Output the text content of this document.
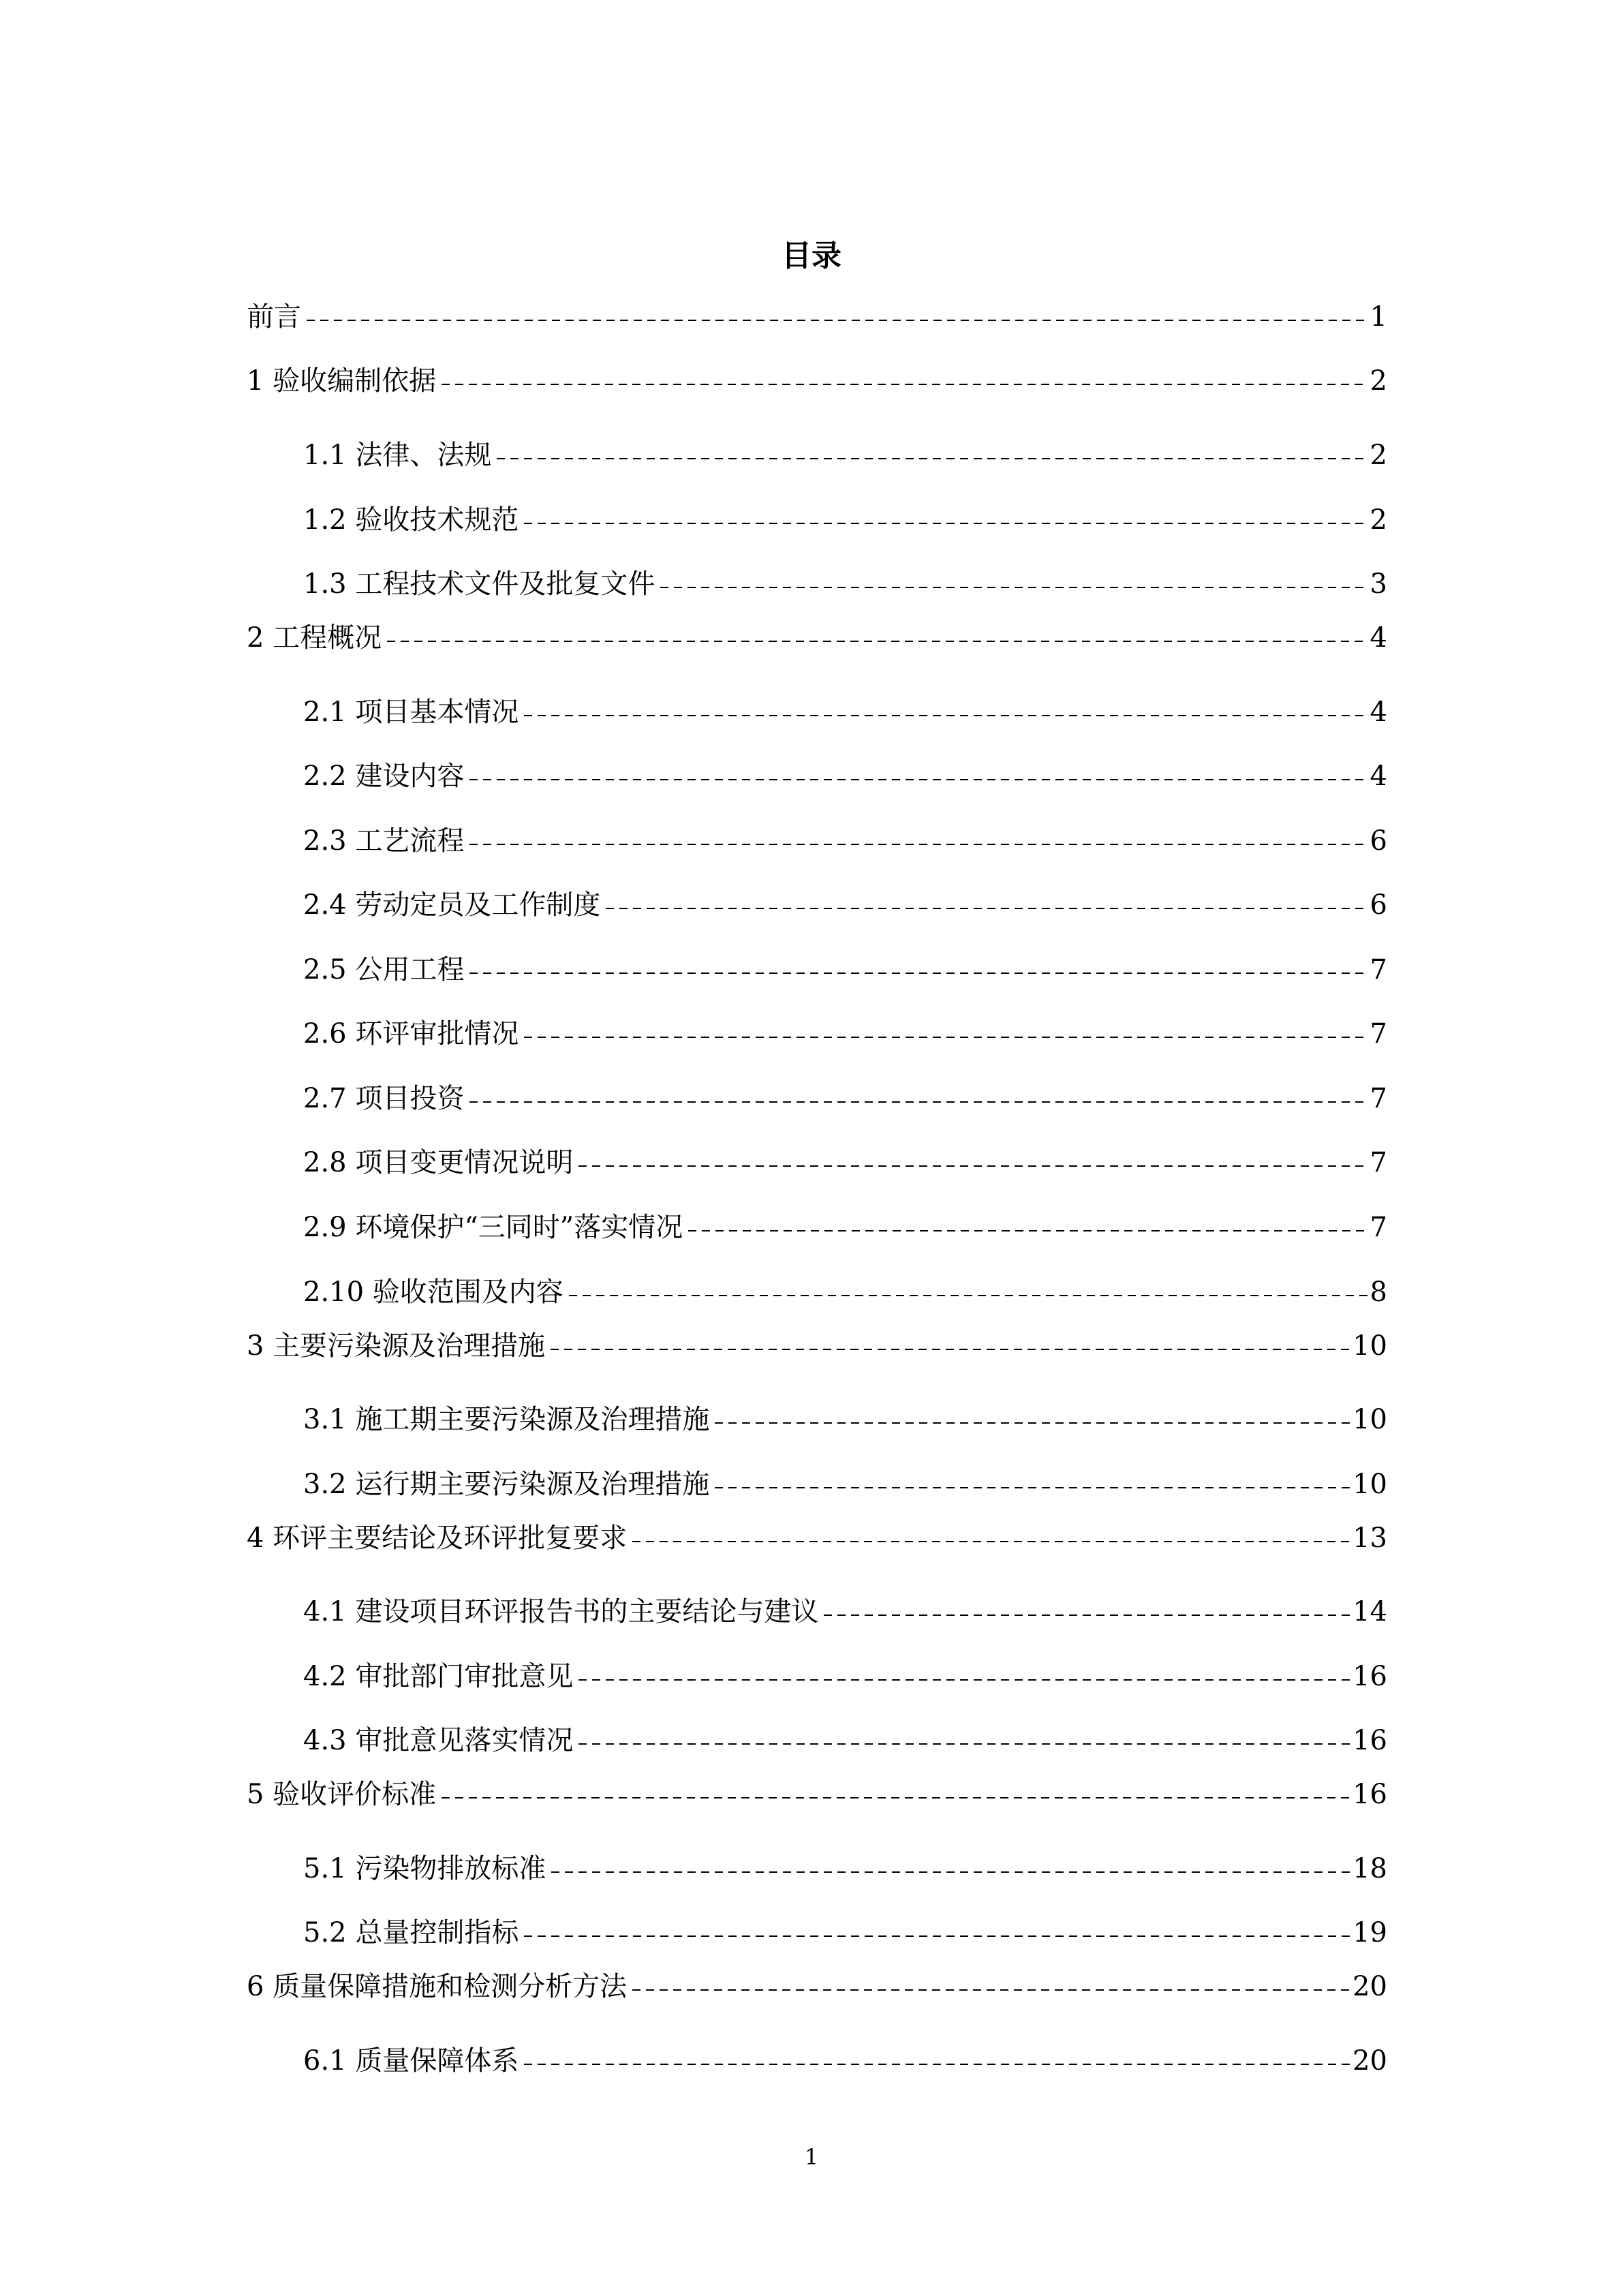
目录
前言	1
1 验收编制依据	2
1.1 法律、法规	2
1.2 验收技术规范	2
1.3 工程技术文件及批复文件	3
2 工程概况	4
2.1 项目基本情况	4
2.2 建设内容	4
2.3 工艺流程	6
2.4 劳动定员及工作制度	6
2.5 公用工程	7
2.6 环评审批情况	7
2.7 项目投资	7
2.8 项目变更情况说明	7
2.9 环境保护“三同时”落实情况	7
2.10 验收范围及内容	8
3 主要污染源及治理措施	10
3.1 施工期主要污染源及治理措施	10
3.2 运行期主要污染源及治理措施	10
4 环评主要结论及环评批复要求	13
4.1 建设项目环评报告书的主要结论与建议	14
4.2 审批部门审批意见	16
4.3 审批意见落实情况	16
5 验收评价标准	16
5.1 污染物排放标准	18
5.2 总量控制指标	19
6 质量保障措施和检测分析方法	20
6.1 质量保障体系	20
1
